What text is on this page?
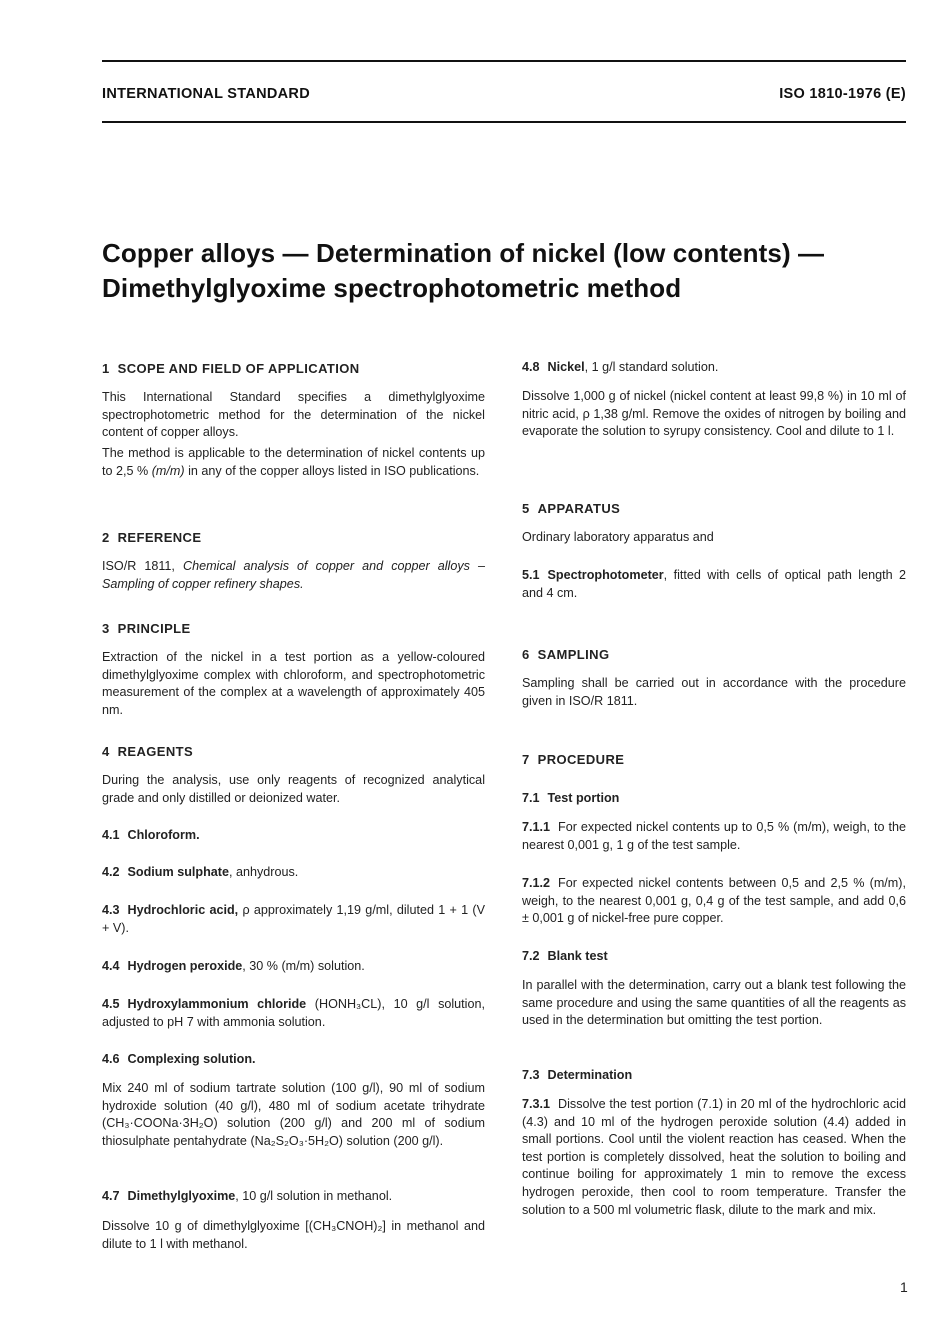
INTERNATIONAL STANDARD	ISO 1810-1976 (E)
Copper alloys — Determination of nickel (low contents) —
Dimethylglyoxime spectrophotometric method
1 SCOPE AND FIELD OF APPLICATION
This International Standard specifies a dimethylglyoxime spectrophotometric method for the determination of the nickel content of copper alloys.
The method is applicable to the determination of nickel contents up to 2,5 % (m/m) in any of the copper alloys listed in ISO publications.
2 REFERENCE
ISO/R 1811, Chemical analysis of copper and copper alloys – Sampling of copper refinery shapes.
3 PRINCIPLE
Extraction of the nickel in a test portion as a yellow-coloured dimethylglyoxime complex with chloroform, and spectrophotometric measurement of the complex at a wavelength of approximately 405 nm.
4 REAGENTS
During the analysis, use only reagents of recognized analytical grade and only distilled or deionized water.
4.1 Chloroform.
4.2 Sodium sulphate, anhydrous.
4.3 Hydrochloric acid, ρ approximately 1,19 g/ml, diluted 1 + 1 (V + V).
4.4 Hydrogen peroxide, 30 % (m/m) solution.
4.5 Hydroxylammonium chloride (HONH₃CL), 10 g/l solution, adjusted to pH 7 with ammonia solution.
4.6 Complexing solution.
Mix 240 ml of sodium tartrate solution (100 g/l), 90 ml of sodium hydroxide solution (40 g/l), 480 ml of sodium acetate trihydrate (CH₃·COONa·3H₂O) solution (200 g/l) and 200 ml of sodium thiosulphate pentahydrate (Na₂S₂O₃·5H₂O) solution (200 g/l).
4.7 Dimethylglyoxime, 10 g/l solution in methanol.
Dissolve 10 g of dimethylglyoxime [(CH₃CNOH)₂] in methanol and dilute to 1 l with methanol.
4.8 Nickel, 1 g/l standard solution.
Dissolve 1,000 g of nickel (nickel content at least 99,8 %) in 10 ml of nitric acid, ρ 1,38 g/ml. Remove the oxides of nitrogen by boiling and evaporate the solution to syrupy consistency. Cool and dilute to 1 l.
5 APPARATUS
Ordinary laboratory apparatus and
5.1 Spectrophotometer, fitted with cells of optical path length 2 and 4 cm.
6 SAMPLING
Sampling shall be carried out in accordance with the procedure given in ISO/R 1811.
7 PROCEDURE
7.1 Test portion
7.1.1 For expected nickel contents up to 0,5 % (m/m), weigh, to the nearest 0,001 g, 1 g of the test sample.
7.1.2 For expected nickel contents between 0,5 and 2,5 % (m/m), weigh, to the nearest 0,001 g, 0,4 g of the test sample, and add 0,6 ± 0,001 g of nickel-free pure copper.
7.2 Blank test
In parallel with the determination, carry out a blank test following the same procedure and using the same quantities of all the reagents as used in the determination but omitting the test portion.
7.3 Determination
7.3.1 Dissolve the test portion (7.1) in 20 ml of the hydrochloric acid (4.3) and 10 ml of the hydrogen peroxide solution (4.4) added in small portions. Cool until the violent reaction has ceased. When the test portion is completely dissolved, heat the solution to boiling and continue boiling for approximately 1 min to remove the excess hydrogen peroxide, then cool to room temperature. Transfer the solution to a 500 ml volumetric flask, dilute to the mark and mix.
1
